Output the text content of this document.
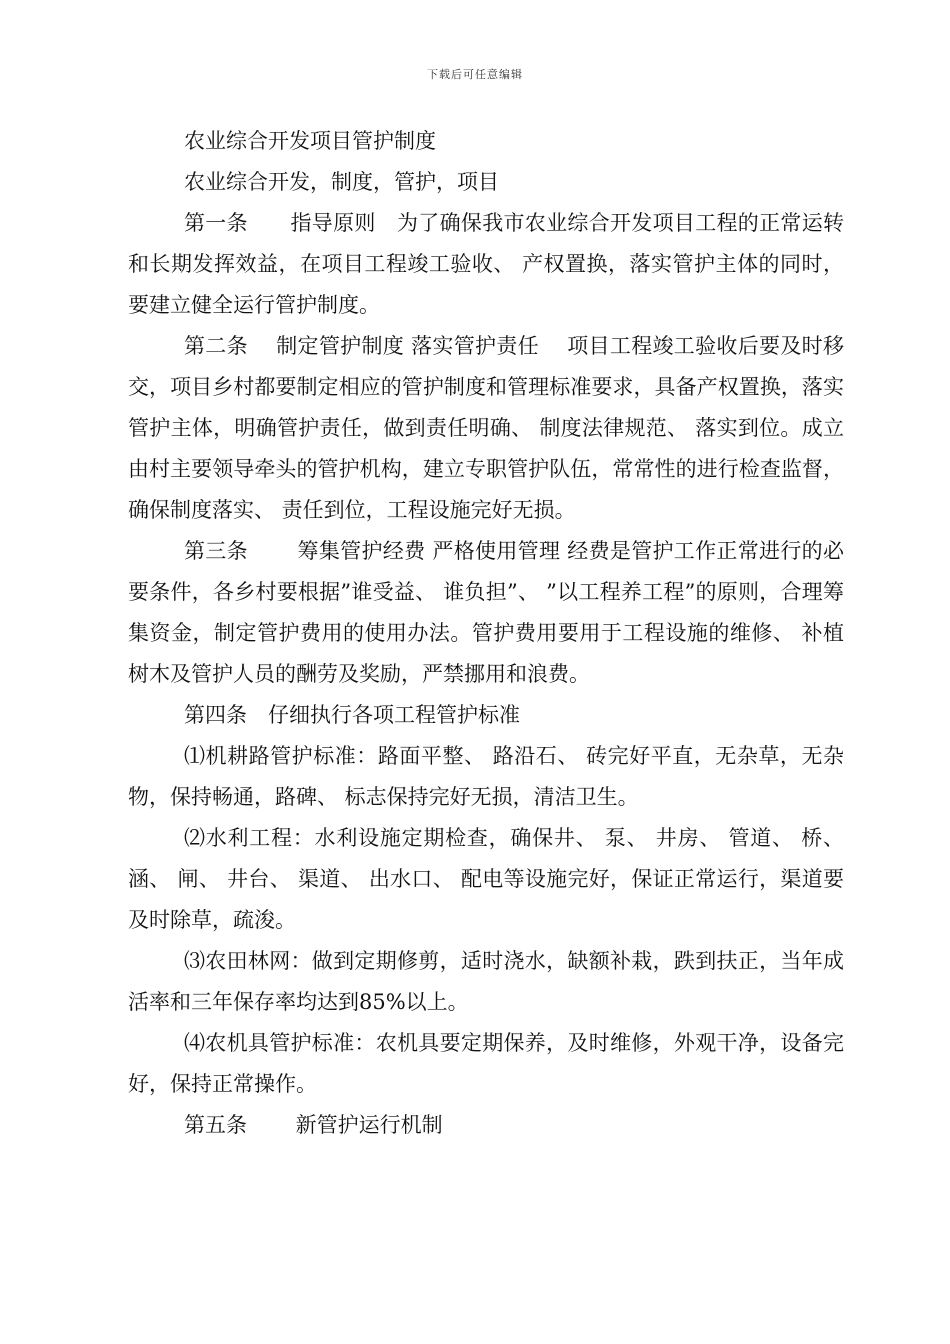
下载后可任意编辑

农业综合开发项目管护制度

农业综合开发，制度，管护，项目

第一条　　指导原则　为了确保我市农业综合开发项目工程的正常运转和长期发挥效益，在项目工程竣工验收、 产权置换，落实管护主体的同时，要建立健全运行管护制度。

第二条　 制定管护制度 落实管护责任　 项目工程竣工验收后要及时移交，项目乡村都要制定相应的管护制度和管理标准要求，具备产权置换，落实管护主体，明确管护责任，做到责任明确、 制度法律规范、 落实到位。成立由村主要领导牵头的管护机构，建立专职管护队伍，常常性的进行检查监督，确保制度落实、 责任到位，工程设施完好无损。

第三条　　 筹集管护经费 严格使用管理 经费是管护工作正常进行的必要条件，各乡村要根据”谁受益、 谁负担”、 ”以工程养工程”的原则，合理筹集资金，制定管护费用的使用办法。管护费用要用于工程设施的维修、 补植树木及管护人员的酬劳及奖励，严禁挪用和浪费。

第四条　仔细执行各项工程管护标准

⑴机耕路管护标准：路面平整、 路沿石、 砖完好平直，无杂草，无杂物，保持畅通，路碑、 标志保持完好无损，清洁卫生。

⑵水利工程：水利设施定期检查，确保井、 泵、 井房、 管道、 桥、 涵、 闸、 井台、 渠道、 出水口、 配电等设施完好，保证正常运行，渠道要及时除草，疏浚。

⑶农田林网：做到定期修剪，适时浇水，缺额补栽，跌到扶正，当年成活率和三年保存率均达到85%以上。

⑷农机具管护标准：农机具要定期保养，及时维修，外观干净，设备完好，保持正常操作。

第五条　　 新管护运行机制
